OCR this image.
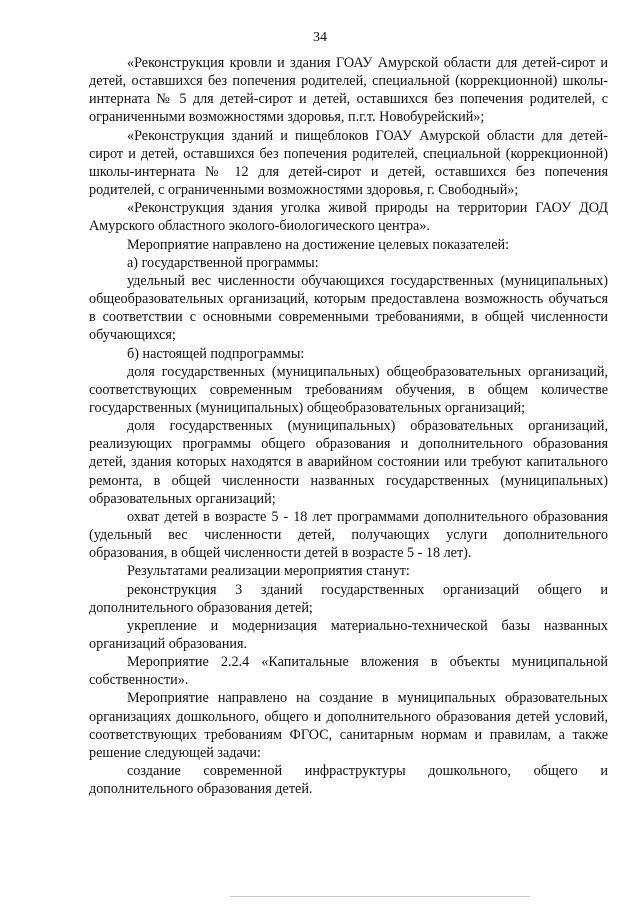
34

«Реконструкция кровли и здания ГОАУ Амурской области для детей-сирот и детей, оставшихся без попечения родителей, специальной (коррекционной) школы-интерната № 5 для детей-сирот и детей, оставшихся без попечения родителей, с ограниченными возможностями здоровья, п.г.т. Новобурейский»;

«Реконструкция зданий и пищеблоков ГОАУ Амурской области для детей-сирот и детей, оставшихся без попечения родителей, специальной (коррекционной) школы-интерната № 12 для детей-сирот и детей, оставшихся без попечения родителей, с ограниченными возможностями здоровья, г. Свободный»;

«Реконструкция здания уголка живой природы на территории ГАОУ ДОД Амурского областного эколого-биологического центра».

Мероприятие направлено на достижение целевых показателей:

а) государственной программы:

удельный вес численности обучающихся государственных (муниципальных) общеобразовательных организаций, которым предоставлена возможность обучаться в соответствии с основными современными требованиями, в общей численности обучающихся;

б) настоящей подпрограммы:

доля государственных (муниципальных) общеобразовательных организаций, соответствующих современным требованиям обучения, в общем количестве государственных (муниципальных) общеобразовательных организаций;

доля государственных (муниципальных) образовательных организаций, реализующих программы общего образования и дополнительного образования детей, здания которых находятся в аварийном состоянии или требуют капитального ремонта, в общей численности названных государственных (муниципальных) образовательных организаций;

охват детей в возрасте 5 - 18 лет программами дополнительного образования (удельный вес численности детей, получающих услуги дополнительного образования, в общей численности детей в возрасте 5 - 18 лет).

Результатами реализации мероприятия станут:

реконструкция 3 зданий государственных организаций общего и дополнительного образования детей;

укрепление и модернизация материально-технической базы названных организаций образования.

Мероприятие 2.2.4 «Капитальные вложения в объекты муниципальной собственности».

Мероприятие направлено на создание в муниципальных образовательных организациях дошкольного, общего и дополнительного образования детей условий, соответствующих требованиям ФГОС, санитарным нормам и правилам, а также решение следующей задачи:

создание современной инфраструктуры дошкольного, общего и дополнительного образования детей.
